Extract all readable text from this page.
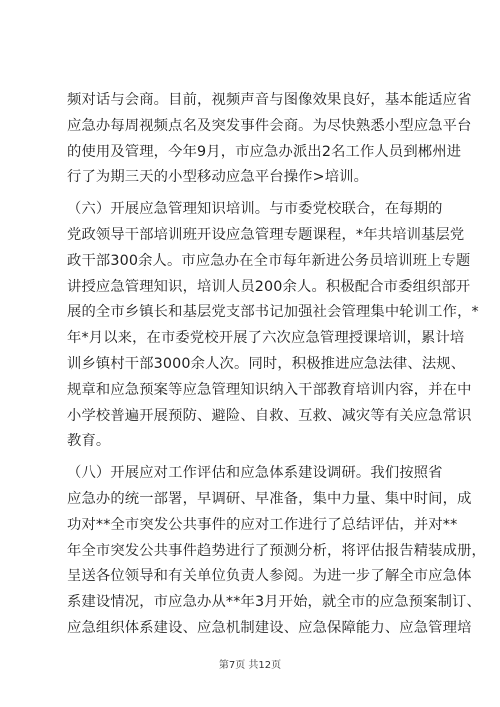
频对话与会商。目前，视频声音与图像效果良好，基本能适应省
应急办每周视频点名及突发事件会商。为尽快熟悉小型应急平台
的使用及管理，今年9月，市应急办派出2名工作人员到郴州进
行了为期三天的小型移动应急平台操作>培训。
（六）开展应急管理知识培训。与市委党校联合，在每期的
党政领导干部培训班开设应急管理专题课程，*年共培训基层党
政干部300余人。市应急办在全市每年新进公务员培训班上专题
讲授应急管理知识，培训人员200余人。积极配合市委组织部开
展的全市乡镇长和基层党支部书记加强社会管理集中轮训工作，*
年*月以来，在市委党校开展了六次应急管理授课培训，累计培
训乡镇村干部3000余人次。同时，积极推进应急法律、法规、
规章和应急预案等应急管理知识纳入干部教育培训内容，并在中
小学校普遍开展预防、避险、自救、互救、减灾等有关应急常识
教育。
（八）开展应对工作评估和应急体系建设调研。我们按照省
应急办的统一部署，早调研、早准备，集中力量、集中时间，成
功对**全市突发公共事件的应对工作进行了总结评估，并对**
年全市突发公共事件趋势进行了预测分析，将评估报告精装成册，
呈送各位领导和有关单位负责人参阅。为进一步了解全市应急体
系建设情况，市应急办从**年3月开始，就全市的应急预案制订、
应急组织体系建设、应急机制建设、应急保障能力、应急管理培
第7页 共12页
